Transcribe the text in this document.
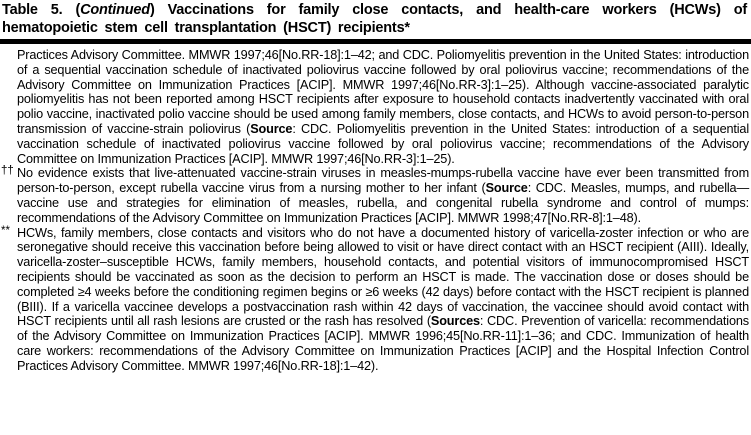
Table 5. (Continued) Vaccinations for family close contacts, and health-care workers (HCWs) of hematopoietic stem cell transplantation (HSCT) recipients*
Practices Advisory Committee. MMWR 1997;46[No.RR-18]:1–42; and CDC. Poliomyelitis prevention in the United States: introduction of a sequential vaccination schedule of inactivated poliovirus vaccine followed by oral poliovirus vaccine; recommendations of the Advisory Committee on Immunization Practices [ACIP]. MMWR 1997;46[No.RR-3]:1–25). Although vaccine-associated paralytic poliomyelitis has not been reported among HSCT recipients after exposure to household contacts inadvertently vaccinated with oral polio vaccine, inactivated polio vaccine should be used among family members, close contacts, and HCWs to avoid person-to-person transmission of vaccine-strain poliovirus (Source: CDC. Poliomyelitis prevention in the United States: introduction of a sequential vaccination schedule of inactivated poliovirus vaccine followed by oral poliovirus vaccine; recommendations of the Advisory Committee on Immunization Practices [ACIP]. MMWR 1997;46[No.RR-3]:1–25).
†† No evidence exists that live-attenuated vaccine-strain viruses in measles-mumps-rubella vaccine have ever been transmitted from person-to-person, except rubella vaccine virus from a nursing mother to her infant (Source: CDC. Measles, mumps, and rubella—vaccine use and strategies for elimination of measles, rubella, and congenital rubella syndrome and control of mumps: recommendations of the Advisory Committee on Immunization Practices [ACIP]. MMWR 1998;47[No.RR-8]:1–48).
** HCWs, family members, close contacts and visitors who do not have a documented history of varicella-zoster infection or who are seronegative should receive this vaccination before being allowed to visit or have direct contact with an HSCT recipient (AIII). Ideally, varicella-zoster–susceptible HCWs, family members, household contacts, and potential visitors of immunocompromised HSCT recipients should be vaccinated as soon as the decision to perform an HSCT is made. The vaccination dose or doses should be completed ≥4 weeks before the conditioning regimen begins or ≥6 weeks (42 days) before contact with the HSCT recipient is planned (BIII). If a varicella vaccinee develops a postvaccination rash within 42 days of vaccination, the vaccinee should avoid contact with HSCT recipients until all rash lesions are crusted or the rash has resolved (Sources: CDC. Prevention of varicella: recommendations of the Advisory Committee on Immunization Practices [ACIP]. MMWR 1996;45[No.RR-11]:1–36; and CDC. Immunization of health care workers: recommendations of the Advisory Committee on Immunization Practices [ACIP] and the Hospital Infection Control Practices Advisory Committee. MMWR 1997;46[No.RR-18]:1–42).
